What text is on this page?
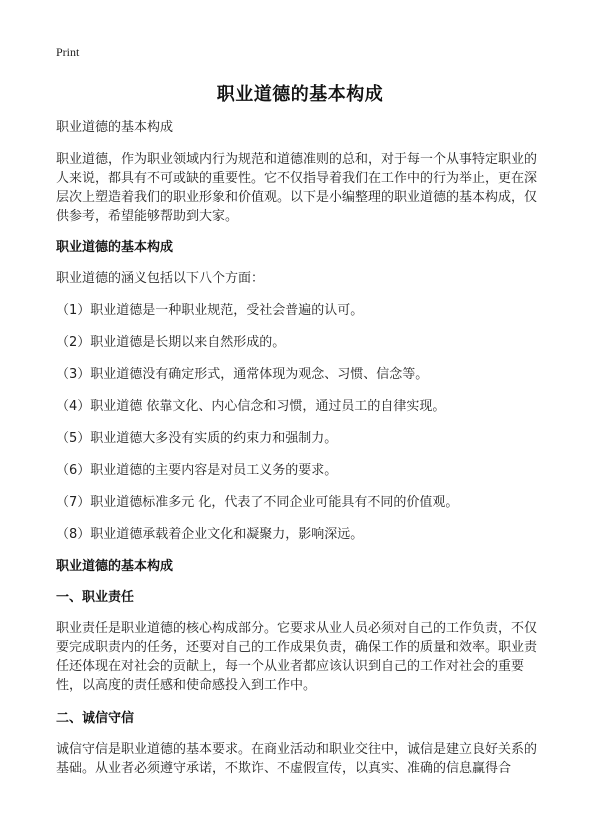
Print
职业道德的基本构成

职业道德的基本构成

职业道德，作为职业领域内行为规范和道德准则的总和，对于每一个从事特定职业的人来说，都具有不可或缺的重要性。它不仅指导着我们在工作中的行为举止，更在深层次上塑造着我们的职业形象和价值观。以下是小编整理的职业道德的基本构成，仅供参考，希望能够帮助到大家。

职业道德的基本构成

职业道德的涵义包括以下八个方面：

（1）职业道德是一种职业规范，受社会普遍的认可。

（2）职业道德是长期以来自然形成的。

（3）职业道德没有确定形式，通常体现为观念、习惯、信念等。

（4）职业道德 依靠文化、内心信念和习惯，通过员工的自律实现。

（5）职业道德大多没有实质的约束力和强制力。

（6）职业道德的主要内容是对员工义务的要求。

（7）职业道德标准多元 化，代表了不同企业可能具有不同的价值观。

（8）职业道德承载着企业文化和凝聚力，影响深远。

职业道德的基本构成
一、职业责任

职业责任是职业道德的核心构成部分。它要求从业人员必须对自己的工作负责，不仅要完成职责内的任务，还要对自己的工作成果负责，确保工作的质量和效率。职业责任还体现在对社会的贡献上，每一个从业者都应该认识到自己的工作对社会的重要性，以高度的责任感和使命感投入到工作中。

二、诚信守信

诚信守信是职业道德的基本要求。在商业活动和职业交往中，诚信是建立良好关系的基础。从业者必须遵守承诺，不欺诈、不虚假宣传，以真实、准确的信息赢得合
